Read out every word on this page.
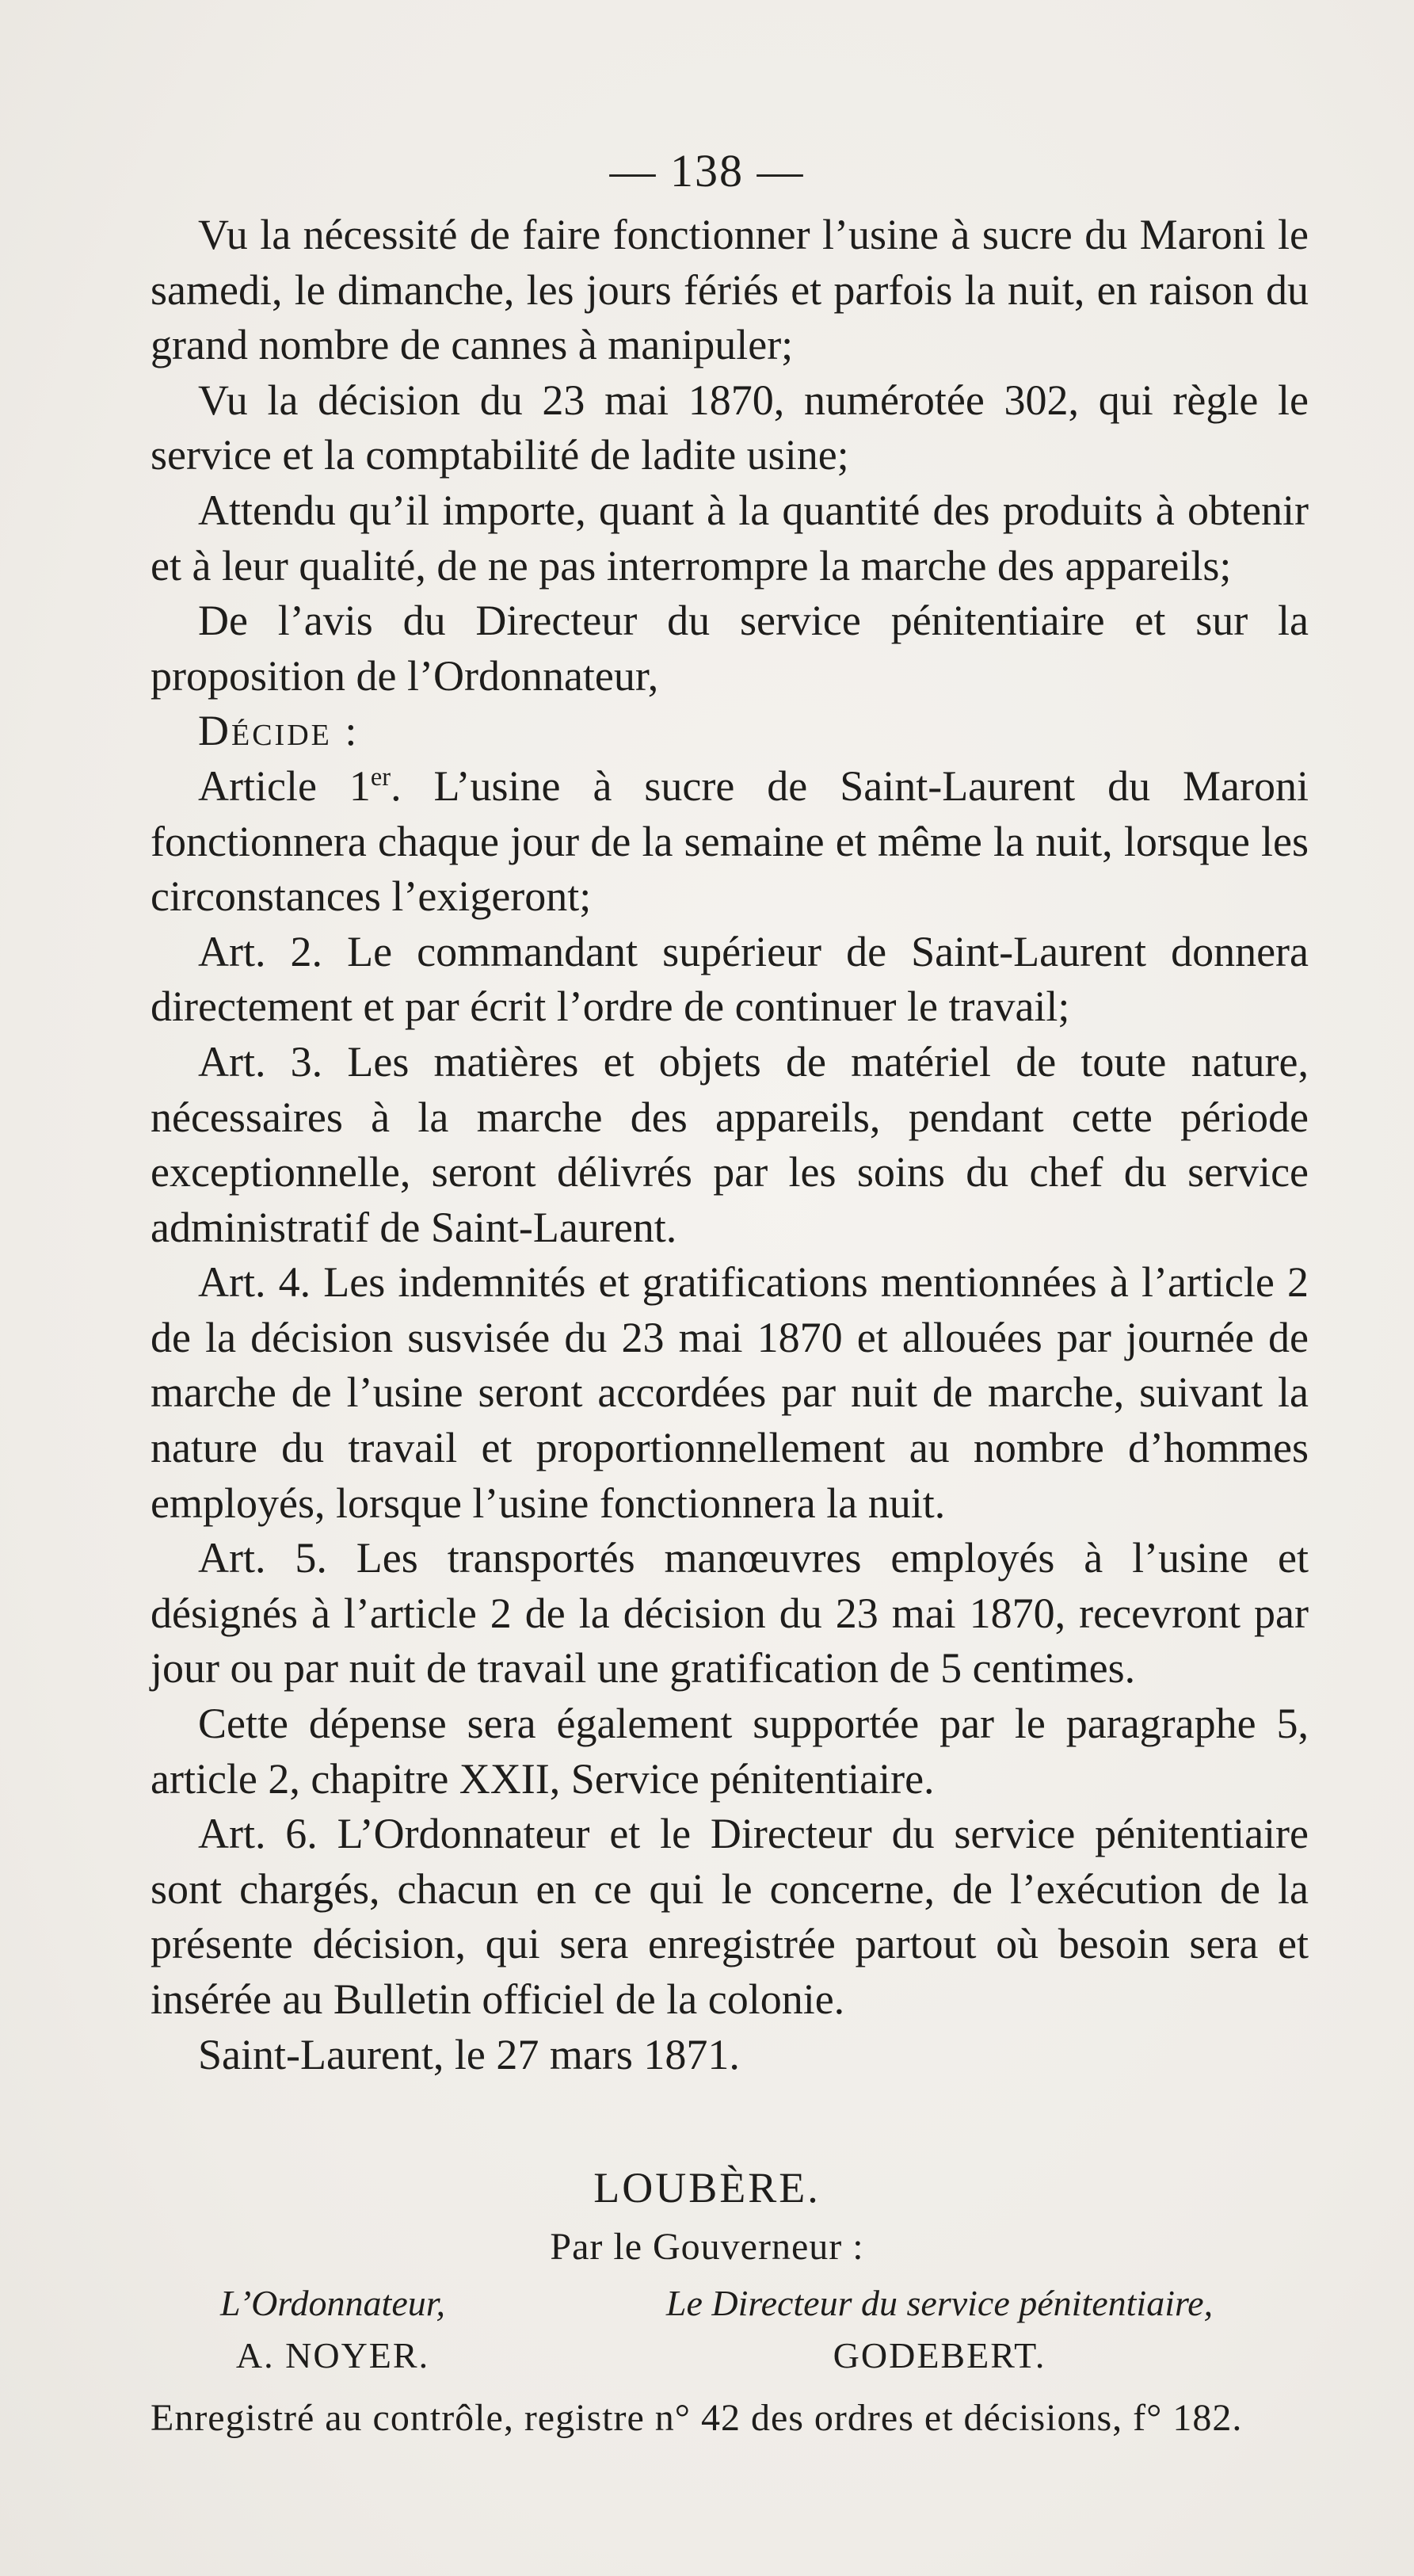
— 138 —

Vu la nécessité de faire fonctionner l’usine à sucre du Maroni le samedi, le dimanche, les jours fériés et parfois la nuit, en raison du grand nombre de cannes à manipuler;

Vu la décision du 23 mai 1870, numérotée 302, qui règle le service et la comptabilité de ladite usine;

Attendu qu’il importe, quant à la quantité des produits à obtenir et à leur qualité, de ne pas interrompre la marche des appareils;

De l’avis du Directeur du service pénitentiaire et sur la proposition de l’Ordonnateur,

Décide :

Article 1er. L’usine à sucre de Saint-Laurent du Maroni fonctionnera chaque jour de la semaine et même la nuit, lorsque les circonstances l’exigeront;

Art. 2. Le commandant supérieur de Saint-Laurent donnera directement et par écrit l’ordre de continuer le travail;

Art. 3. Les matières et objets de matériel de toute nature, nécessaires à la marche des appareils, pendant cette période exceptionnelle, seront délivrés par les soins du chef du service administratif de Saint-Laurent.

Art. 4. Les indemnités et gratifications mentionnées à l’article 2 de la décision susvisée du 23 mai 1870 et allouées par journée de marche de l’usine seront accordées par nuit de marche, suivant la nature du travail et proportionnellement au nombre d’hommes employés, lorsque l’usine fonctionnera la nuit.

Art. 5. Les transportés manœuvres employés à l’usine et désignés à l’article 2 de la décision du 23 mai 1870, recevront par jour ou par nuit de travail une gratification de 5 centimes.

Cette dépense sera également supportée par le paragraphe 5, article 2, chapitre XXII, Service pénitentiaire.

Art. 6. L’Ordonnateur et le Directeur du service pénitentiaire sont chargés, chacun en ce qui le concerne, de l’exécution de la présente décision, qui sera enregistrée partout où besoin sera et insérée au Bulletin officiel de la colonie.

Saint-Laurent, le 27 mars 1871.

LOUBÈRE.
Par le Gouverneur :
L’Ordonnateur,
A. NOYER.
Le Directeur du service pénitentiaire,
GODEBERT.
Enregistré au contrôle, registre n° 42 des ordres et décisions, f° 182.
